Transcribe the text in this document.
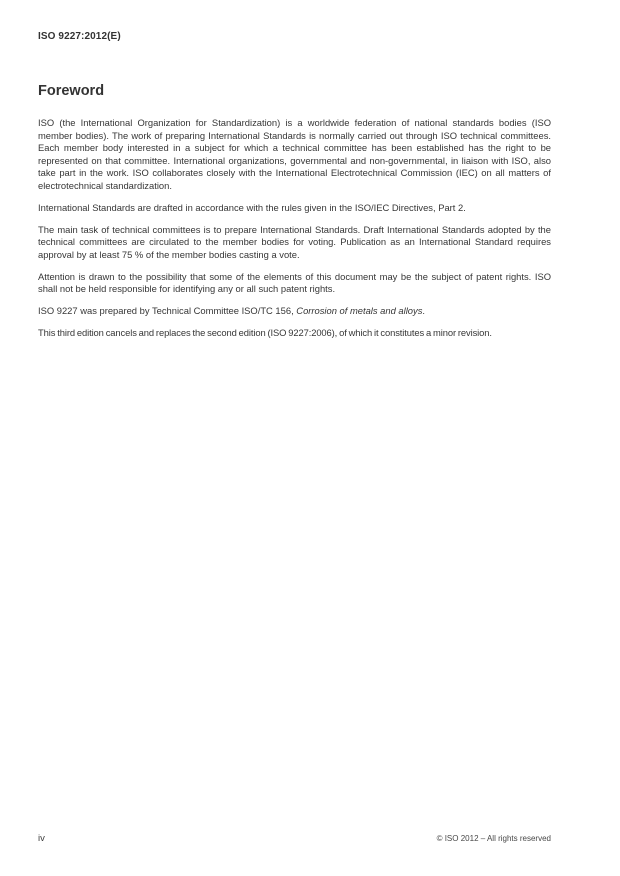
ISO 9227:2012(E)
Foreword

ISO (the International Organization for Standardization) is a worldwide federation of national standards bodies (ISO member bodies). The work of preparing International Standards is normally carried out through ISO technical committees. Each member body interested in a subject for which a technical committee has been established has the right to be represented on that committee. International organizations, governmental and non-governmental, in liaison with ISO, also take part in the work. ISO collaborates closely with the International Electrotechnical Commission (IEC) on all matters of electrotechnical standardization.

International Standards are drafted in accordance with the rules given in the ISO/IEC Directives, Part 2.

The main task of technical committees is to prepare International Standards. Draft International Standards adopted by the technical committees are circulated to the member bodies for voting. Publication as an International Standard requires approval by at least 75 % of the member bodies casting a vote.

Attention is drawn to the possibility that some of the elements of this document may be the subject of patent rights. ISO shall not be held responsible for identifying any or all such patent rights.

ISO 9227 was prepared by Technical Committee ISO/TC 156, Corrosion of metals and alloys.

This third edition cancels and replaces the second edition (ISO 9227:2006), of which it constitutes a minor revision.

iv	© ISO 2012 – All rights reserved
